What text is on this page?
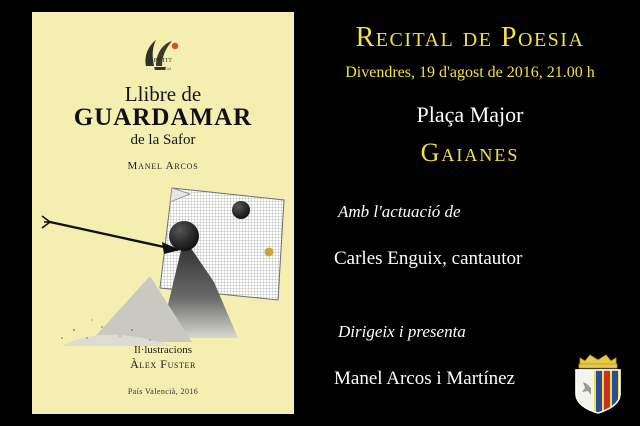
PETIT
Editorial
Llibre de
GUARDAMAR
de la Safor
Manel Arcos
Il·lustracions
Àlex Fuster
País Valencià, 2016
Recital de Poesia
Divendres, 19 d'agost de 2016, 21.00 h
Plaça Major
Gaianes
Amb l'actuació de
Carles Enguix, cantautor
Dirigeix i presenta
Manel Arcos i Martínez
